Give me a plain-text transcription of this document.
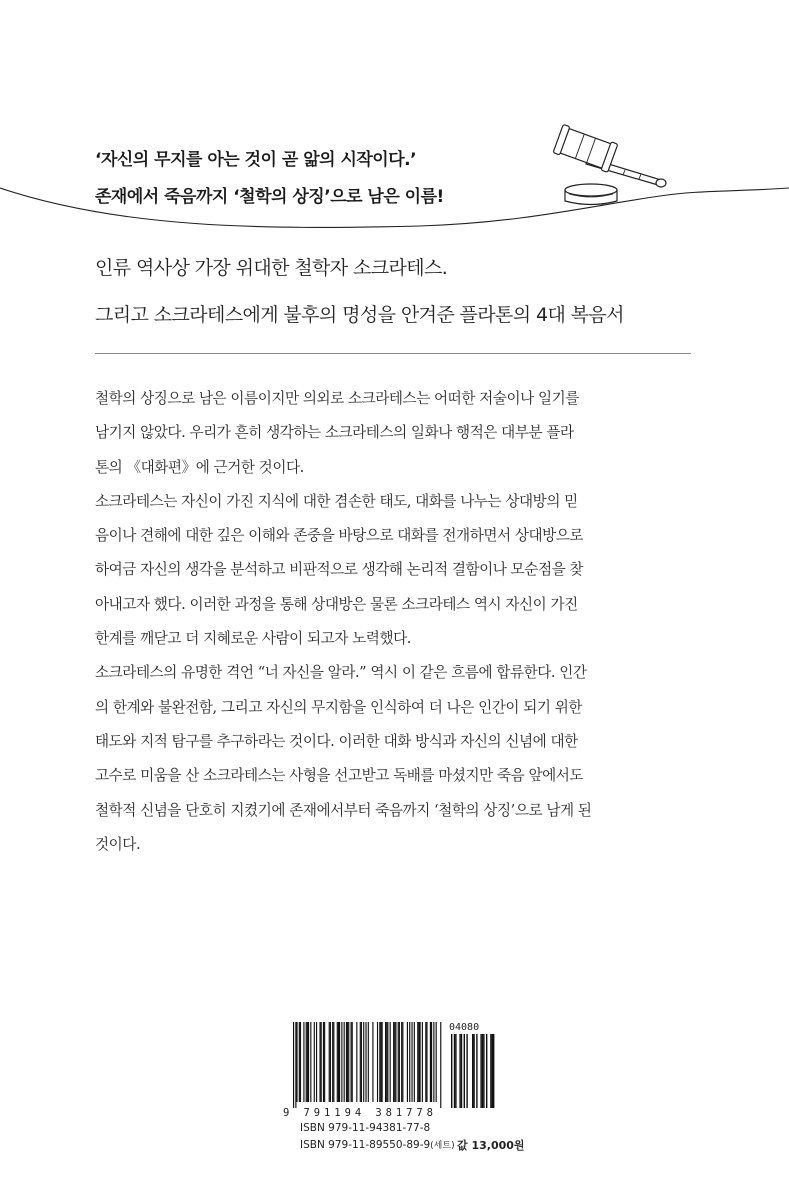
‘자신의 무지를 아는 것이 곧 앎의 시작이다.’
존재에서 죽음까지 ‘철학의 상징’으로 남은 이름!
인류 역사상 가장 위대한 철학자 소크라테스.
그리고 소크라테스에게 불후의 명성을 안겨준 플라톤의 4대 복음서
철학의 상징으로 남은 이름이지만 의외로 소크라테스는 어떠한 저술이나 일기를
남기지 않았다. 우리가 흔히 생각하는 소크라테스의 일화나 행적은 대부분 플라
톤의 《대화편》에 근거한 것이다.
소크라테스는 자신이 가진 지식에 대한 겸손한 태도, 대화를 나누는 상대방의 믿
음이나 견해에 대한 깊은 이해와 존중을 바탕으로 대화를 전개하면서 상대방으로
하여금 자신의 생각을 분석하고 비판적으로 생각해 논리적 결함이나 모순점을 찾
아내고자 했다. 이러한 과정을 통해 상대방은 물론 소크라테스 역시 자신이 가진
한계를 깨닫고 더 지혜로운 사람이 되고자 노력했다.
소크라테스의 유명한 격언 “너 자신을 알라.” 역시 이 같은 흐름에 합류한다. 인간
의 한계와 불완전함, 그리고 자신의 무지함을 인식하여 더 나은 인간이 되기 위한
태도와 지적 탐구를 추구하라는 것이다. 이러한 대화 방식과 자신의 신념에 대한
고수로 미움을 산 소크라테스는 사형을 선고받고 독배를 마셨지만 죽음 앞에서도
철학적 신념을 단호히 지켰기에 존재에서부터 죽음까지 ‘철학의 상징’으로 남게 된
것이다.
04080
9 791194 381778
ISBN 979-11-94381-77-8
ISBN 979-11-89550-89-9(세트) 값 13,000원
